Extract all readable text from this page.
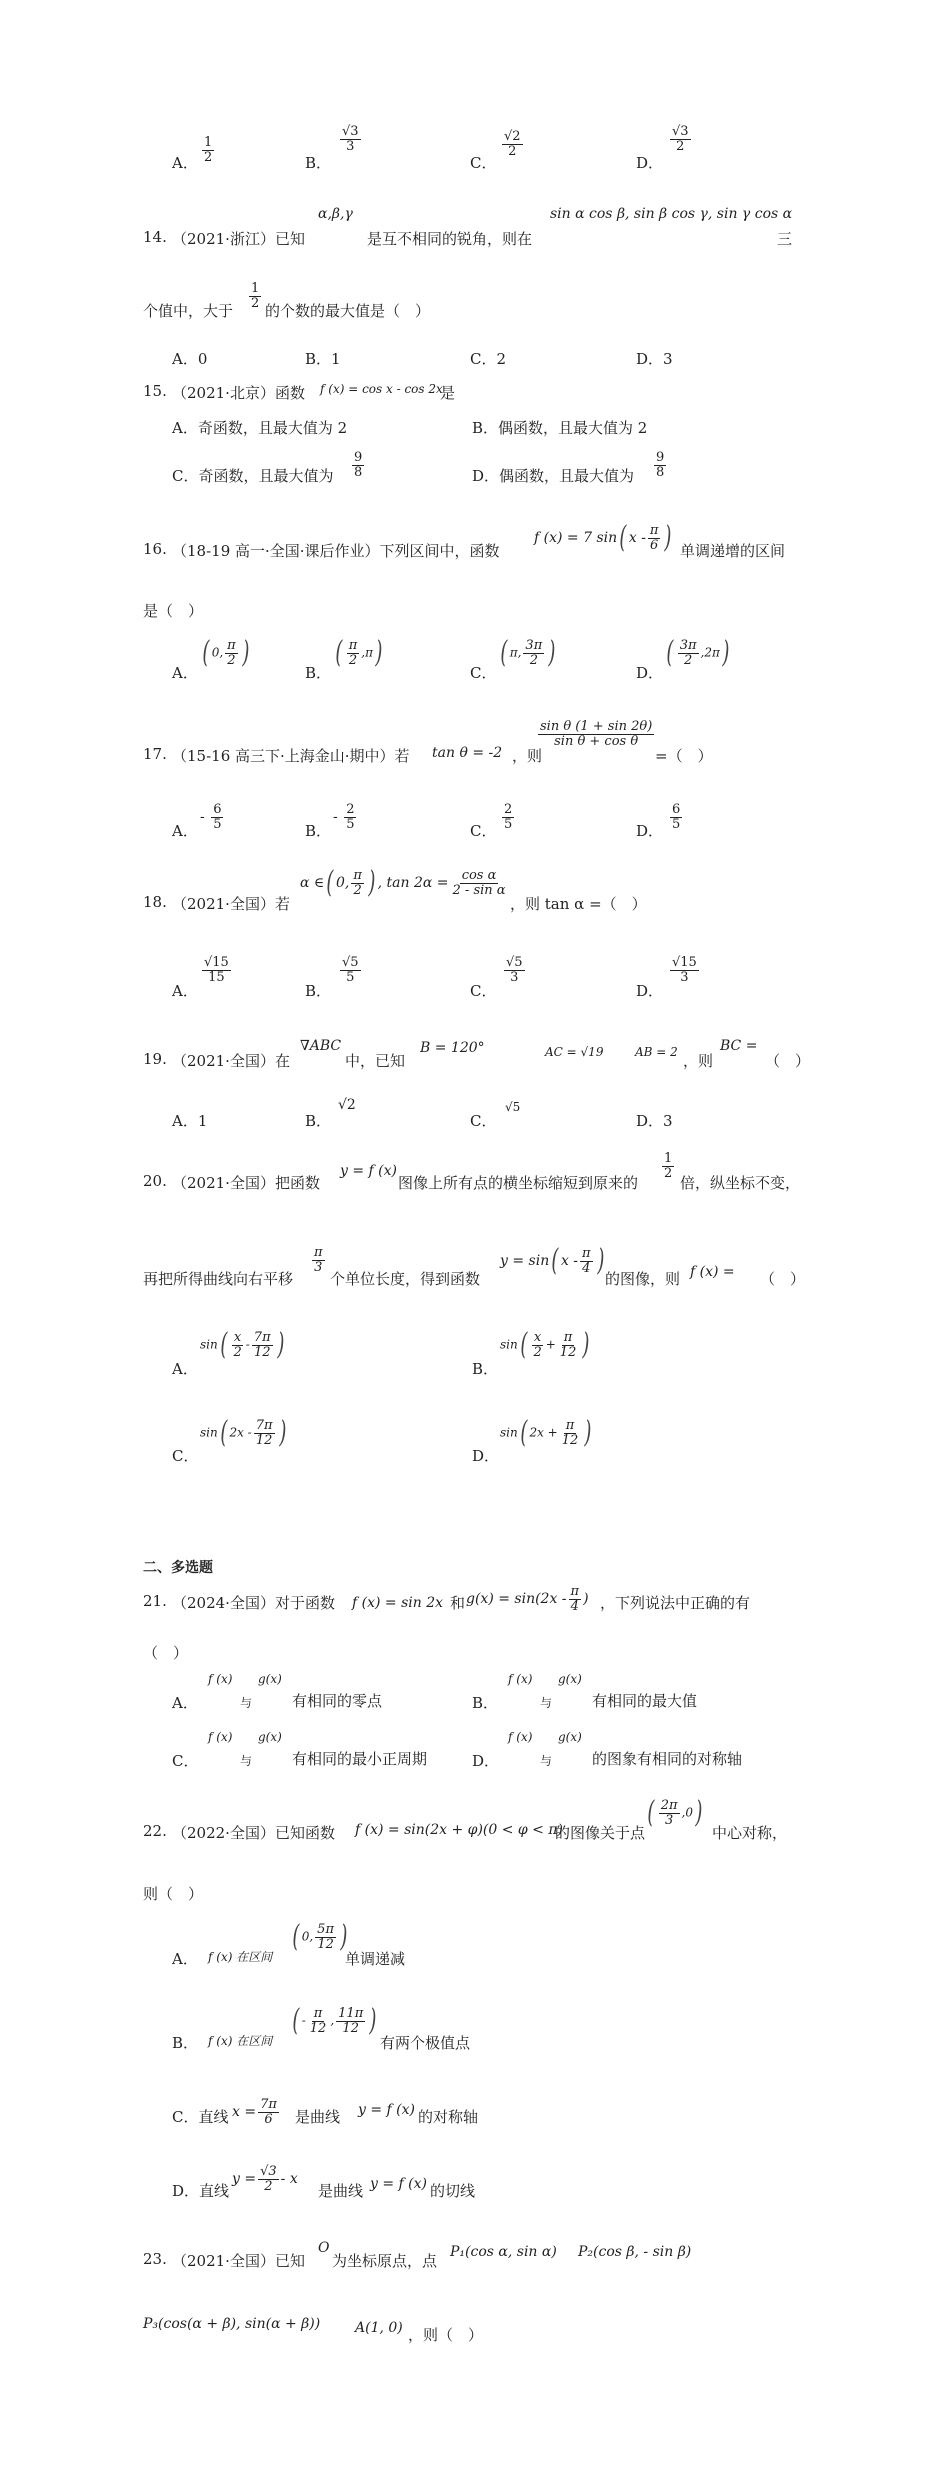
A． $\frac{1}{2}$	B．
$\frac{√3}{3}$
C．
$\frac{√2}{2}$
D．
$\frac{√3}{2}$
14. （2021·浙江）已知
α,β,γ
是互不相同的锐角，则在
sin α cos β, sin β cos γ, sin γ cos α
三
个值中，大于
$\frac{1}{2}$
的个数的最大值是（　）
A．0	B．1	C．2	D．3
15. （2021·北京）函数 f (x) = cos x - cos 2x
是
A．奇函数，且最大值为 2	B．偶函数，且最大值为 2
C．奇函数，且最大值为 $\frac{9}{8}$	D．偶函数，且最大值为 $\frac{9}{8}$
16. （18-19 高一·全国·课后作业）下列区间中，函数
f (x) = 7 sin( x - $\frac{\pi}{6}$ ) 单调递增的区间
是（　）
A．
( 0, $\frac{\pi}{2}$ )
B．
( $\frac{\pi}{2} ,\pi$)
C．
( π, $\frac{3\pi}{2}$ )
D．
( $\frac{3\pi}{2} ,2\pi$)
17. （15-16 高三下·上海金山·期中）若 tan θ = -2 ，则
$\frac{\text{sin θ (1 + sin 2θ)}}{\text{sin θ + cos θ}}$
=（　）
A．
- $\frac{6}{5}$	B．
- $\frac{2}{5}$	C． $\frac{2}{5}$	D． $\frac{6}{5}$
18. （2021·全国）若
α ∈( 0, $\frac{\pi}{2}$ ) , $\tan 2\alpha = \frac{\text{cos α}}{\text{2 - sin α}}$
，则 tan α =（　）
A．
$\frac{√15}{15}$
B．
$\frac{√5}{5}$
C．
$\frac{√5}{3}$
D．
$\frac{√15}{3}$
19. （2021·全国）在
∇ABC
中，已知
B = 120°	AC = √19	AB = 2 ，则
BC =
（　）
A．1	B．
√2
C．
√5
D．3
20. （2021·全国）把函数
y = f (x)
图像上所有点的横坐标缩短到原来的
$\frac{1}{2}$
倍，纵坐标不变，
再把所得曲线向右平移
$\frac{\pi}{3}$
个单位长度，得到函数
y = sin( x - $\frac{\pi}{4}$ )
的图像，则 f (x) = （　）
A．
$\sin( \frac{x}{2} - \frac{7\pi}{12}$ )
B．
$\sin( \frac{x}{2} + \frac{\pi}{12}$ )
C．
sin( $2x - \frac{7\pi}{12}$ )
D．
sin( $2x + \frac{\pi}{12}$ )
二、多选题
21. （2024·全国）对于函数 f (x) = sin 2x 和 $g(x) = \sin(2x - \frac{\pi}{4}$ ) ，下列说法中正确的有
（　）
A．
f (x)
与
g(x)
有相同的零点	B．
f (x)
与
g(x)
有相同的最大值
C．
f (x)
与
g(x)
有相同的最小正周期	D．
f (x)
与
g(x)
的图象有相同的对称轴
22. （2022·全国）已知函数 f (x) = sin(2x + φ)(0 < φ < π)
的图像关于点
( $\frac{2\pi}{3} ,0$)
中心对称，
则（　）
A． f (x) 在区间
( 0, $\frac{5\pi}{12}$ )
单调递减
B． f (x) 在区间
( - $\frac{\pi}{12}$ , $\frac{11\pi}{12}$ )
有两个极值点
C．直线 $x = \frac{7\pi}{6}$ 是曲线 y = f (x) 的对称轴
D．直线
$y = \frac{√3}{2} - x$
是曲线 y = f (x) 的切线
23. （2021·全国）已知
O
为坐标原点，点 P₁(cos α, sin α) P₂(cos β, - sin β)
P₃(cos(α + β), sin(α + β)) A(1, 0) ，则（　）
